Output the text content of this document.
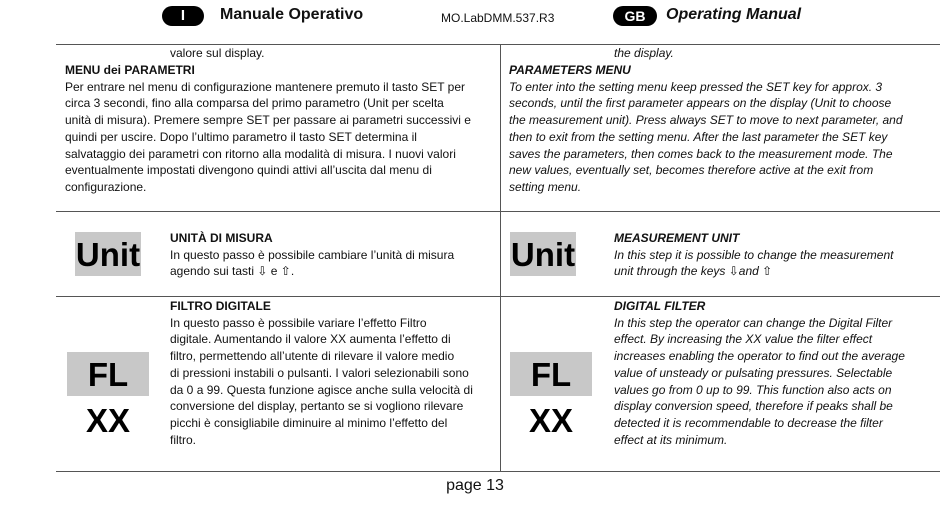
I	Manuale Operativo	MO.LabDMM.537.R3	GB	Operating Manual
valore sul display.	the display.

MENU dei PARAMETRI

Per entrare nel menu di configurazione mantenere premuto il tasto SET per

circa 3 secondi, fino alla comparsa del primo parametro (Unit per scelta

unità di misura). Premere sempre SET per passare ai parametri successivi e

quindi per uscire. Dopo l’ultimo parametro il tasto SET determina il

salvataggio dei parametri con ritorno alla modalità di misura. I nuovi valori

eventualmente impostati divengono quindi attivi all’uscita dal menu di

configurazione.

PARAMETERS MENU

To enter into the setting menu keep pressed the SET key for approx. 3

seconds, until the first parameter appears on the display (Unit to choose

the measurement unit). Press always SET to move to next parameter, and

then to exit from the setting menu. After the last parameter the SET key

saves the parameters, then comes back to the measurement mode. The

new values, eventually set, becomes therefore active at the exit from

setting menu.

Unit UNITÀ DI MISURA

In questo passo è possibile cambiare l’unità di misura

agendo sui tasti ⇩ e ⇧.	Unit	MEASUREMENT UNIT

In this step it is possible to change the measurement

unit through the keys ⇩and ⇧

FL XX

FILTRO DIGITALE

In questo passo è possibile variare l’effetto Filtro

digitale. Aumentando il valore XX aumenta l’effetto di

filtro, permettendo all’utente di rilevare il valore medio

di pressioni instabili o pulsanti. I valori selezionabili sono

da 0 a 99. Questa funzione agisce anche sulla velocità di

conversione del display, pertanto se si vogliono rilevare

picchi è consigliabile diminuire al minimo l’effetto del

filtro.

FL XX

DIGITAL FILTER

In this step the operator can change the Digital Filter

effect. By increasing the XX value the filter effect

increases enabling the operator to find out the average

value of unsteady or pulsating pressures. Selectable

values go from 0 up to 99. This function also acts on

display conversion speed, therefore if peaks shall be

detected it is recommendable to decrease the filter

effect at its minimum.

page 13
